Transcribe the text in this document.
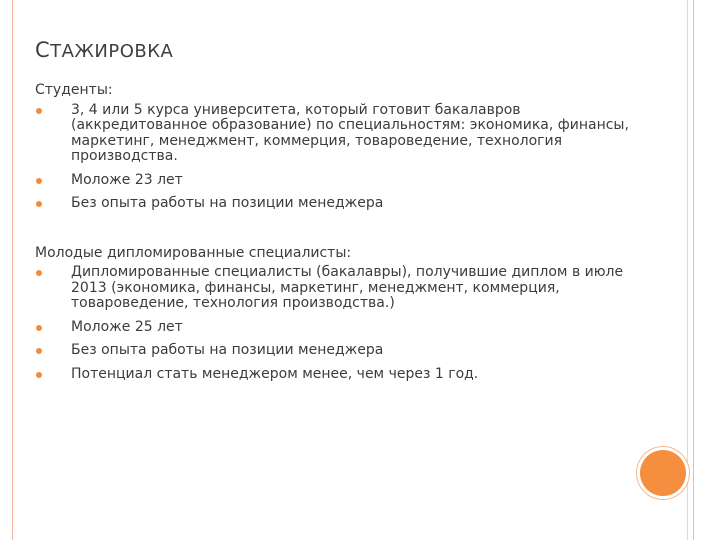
СТАЖИРОВКА
Студенты:
3, 4 или 5 курса университета, который готовит бакалавров (аккредитованное образование) по специальностям: экономика, финансы, маркетинг, менеджмент, коммерция, товароведение, технология производства.
Моложе 23 лет
Без опыта работы на позиции менеджера
Молодые дипломированные специалисты:
Дипломированные специалисты (бакалавры), получившие диплом в июле 2013 (экономика, финансы, маркетинг, менеджмент, коммерция, товароведение, технология производства.)
Моложе 25 лет
Без опыта работы на позиции менеджера
Потенциал стать менеджером менее, чем через 1 год.
